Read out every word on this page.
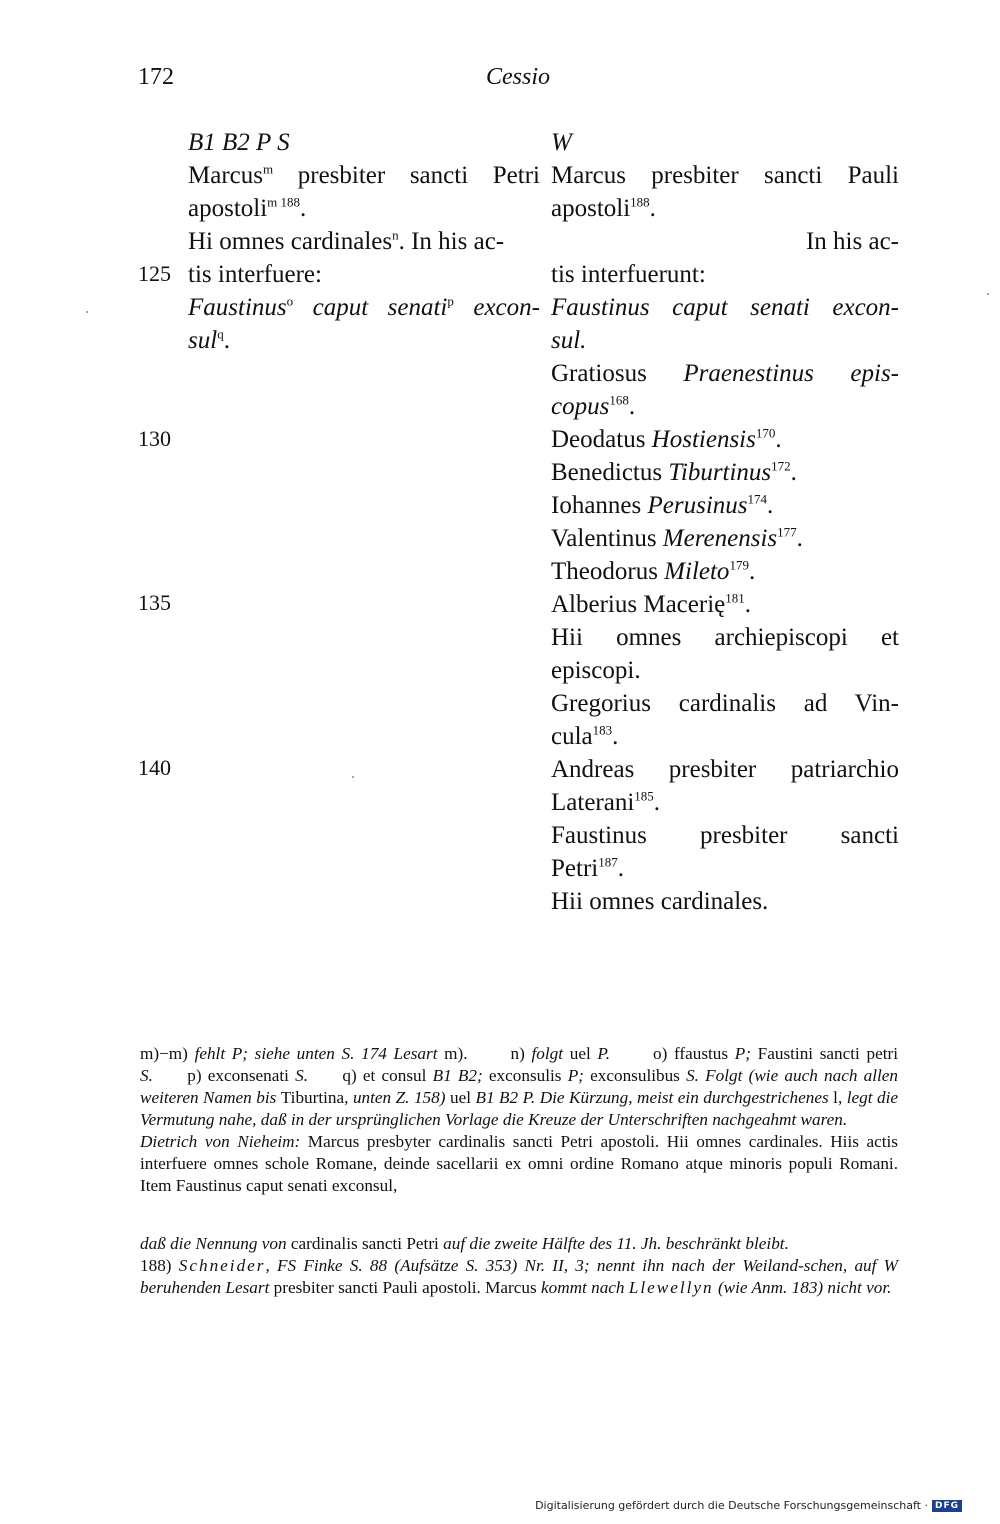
172	Cessio
125
130
135
140

B1 B2 P S

Marcus$^m$ presbiter sancti Petri

apostoli$^{m 188}$.

Hi omnes cardinales$^n$. In his ac-

tis interfuere:

Faustinus$^o$ caput senati$^p$ excon-

sul$^q$.

W

Marcus presbiter sancti Pauli

apostoli$^{188}$.

In his ac-

tis interfuerunt:

Faustinus caput senati excon-

sul.

Gratiosus Praenestinus epis-

copus$^{168}$.

Deodatus Hostiensis$^{170}$.

Benedictus Tiburtinus$^{172}$.

Iohannes Perusinus$^{174}$.

Valentinus Merenensis$^{177}$.

Theodorus Mileto$^{179}$.

Alberius Macerię$^{181}$.

Hii omnes archiepiscopi et

episcopi.

Gregorius cardinalis ad Vin-

cula$^{183}$.

Andreas presbiter patriarchio

Laterani$^{185}$.

Faustinus presbiter sancti

Petri$^{187}$.

Hii omnes cardinales.

m)−m) fehlt P; siehe unten S. 174 Lesart m).    n) folgt uel P.    o) ffaustus P; Faustini sancti petri S.   p) exconsenati S.   q) et consul B1 B2; exconsulis P; exconsulibus S. Folgt (wie auch nach allen weiteren Namen bis Tiburtina, unten Z. 158) uel B1 B2 P. Die Kürzung, meist ein durchgestrichenes l, legt die Vermutung nahe, daß in der ursprünglichen Vorlage die Kreuze der Unterschriften nachgeahmt waren.

Dietrich von Nieheim: Marcus presbyter cardinalis sancti Petri apostoli. Hii omnes cardinales. Hiis actis interfuere omnes schole Romane, deinde sacellarii ex omni ordine Romano atque minoris populi Romani. Item Faustinus caput senati exconsul,

daß die Nennung von cardinalis sancti Petri auf die zweite Hälfte des 11. Jh. beschränkt bleibt.

188) Schneider, FS Finke S. 88 (Aufsätze S. 353) Nr. II, 3; nennt ihn nach der Weiland-schen, auf W beruhenden Lesart presbiter sancti Pauli apostoli. Marcus kommt nach Llewellyn (wie Anm. 183) nicht vor.

Digitalisierung gefördert durch die Deutsche Forschungsgemeinschaft · DFG
